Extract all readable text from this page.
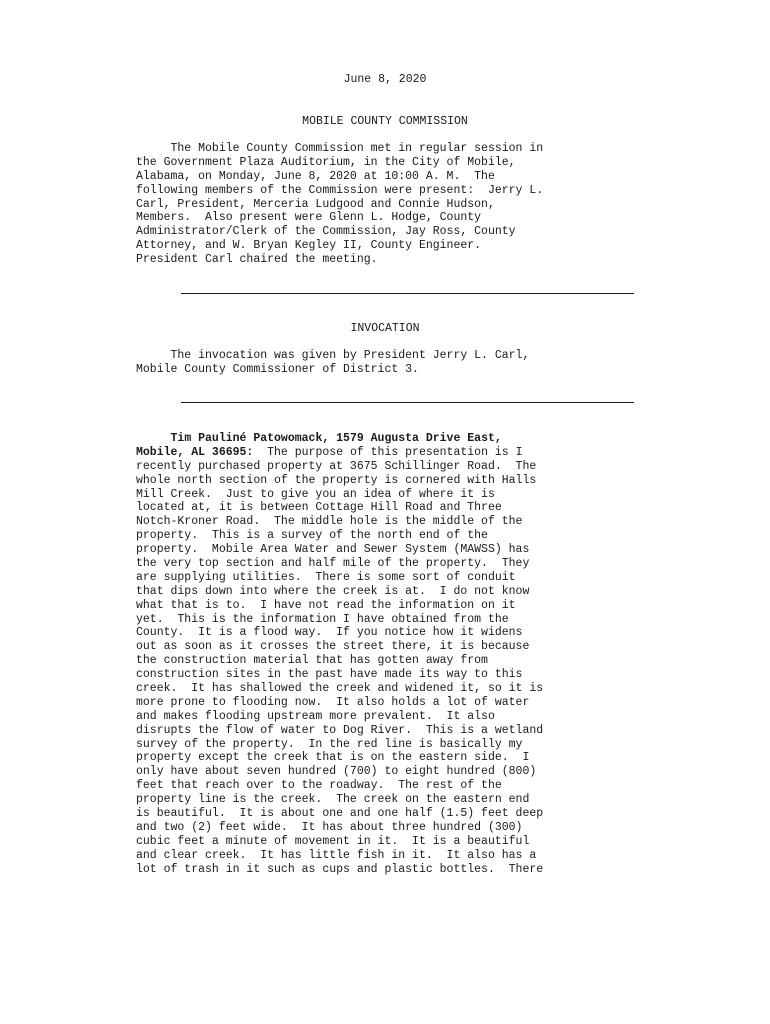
June 8, 2020
MOBILE COUNTY COMMISSION
The Mobile County Commission met in regular session in
the Government Plaza Auditorium, in the City of Mobile,
Alabama, on Monday, June 8, 2020 at 10:00 A. M.  The
following members of the Commission were present:  Jerry L.
Carl, President, Merceria Ludgood and Connie Hudson,
Members.  Also present were Glenn L. Hodge, County
Administrator/Clerk of the Commission, Jay Ross, County
Attorney, and W. Bryan Kegley II, County Engineer.
President Carl chaired the meeting.
INVOCATION
The invocation was given by President Jerry L. Carl,
Mobile County Commissioner of District 3.
Tim Pauliné Patowomack, 1579 Augusta Drive East,
Mobile, AL 36695:  The purpose of this presentation is I
recently purchased property at 3675 Schillinger Road.  The
whole north section of the property is cornered with Halls
Mill Creek.  Just to give you an idea of where it is
located at, it is between Cottage Hill Road and Three
Notch-Kroner Road.  The middle hole is the middle of the
property.  This is a survey of the north end of the
property.  Mobile Area Water and Sewer System (MAWSS) has
the very top section and half mile of the property.  They
are supplying utilities.  There is some sort of conduit
that dips down into where the creek is at.  I do not know
what that is to.  I have not read the information on it
yet.  This is the information I have obtained from the
County.  It is a flood way.  If you notice how it widens
out as soon as it crosses the street there, it is because
the construction material that has gotten away from
construction sites in the past have made its way to this
creek.  It has shallowed the creek and widened it, so it is
more prone to flooding now.  It also holds a lot of water
and makes flooding upstream more prevalent.  It also
disrupts the flow of water to Dog River.  This is a wetland
survey of the property.  In the red line is basically my
property except the creek that is on the eastern side.  I
only have about seven hundred (700) to eight hundred (800)
feet that reach over to the roadway.  The rest of the
property line is the creek.  The creek on the eastern end
is beautiful.  It is about one and one half (1.5) feet deep
and two (2) feet wide.  It has about three hundred (300)
cubic feet a minute of movement in it.  It is a beautiful
and clear creek.  It has little fish in it.  It also has a
lot of trash in it such as cups and plastic bottles.  There
